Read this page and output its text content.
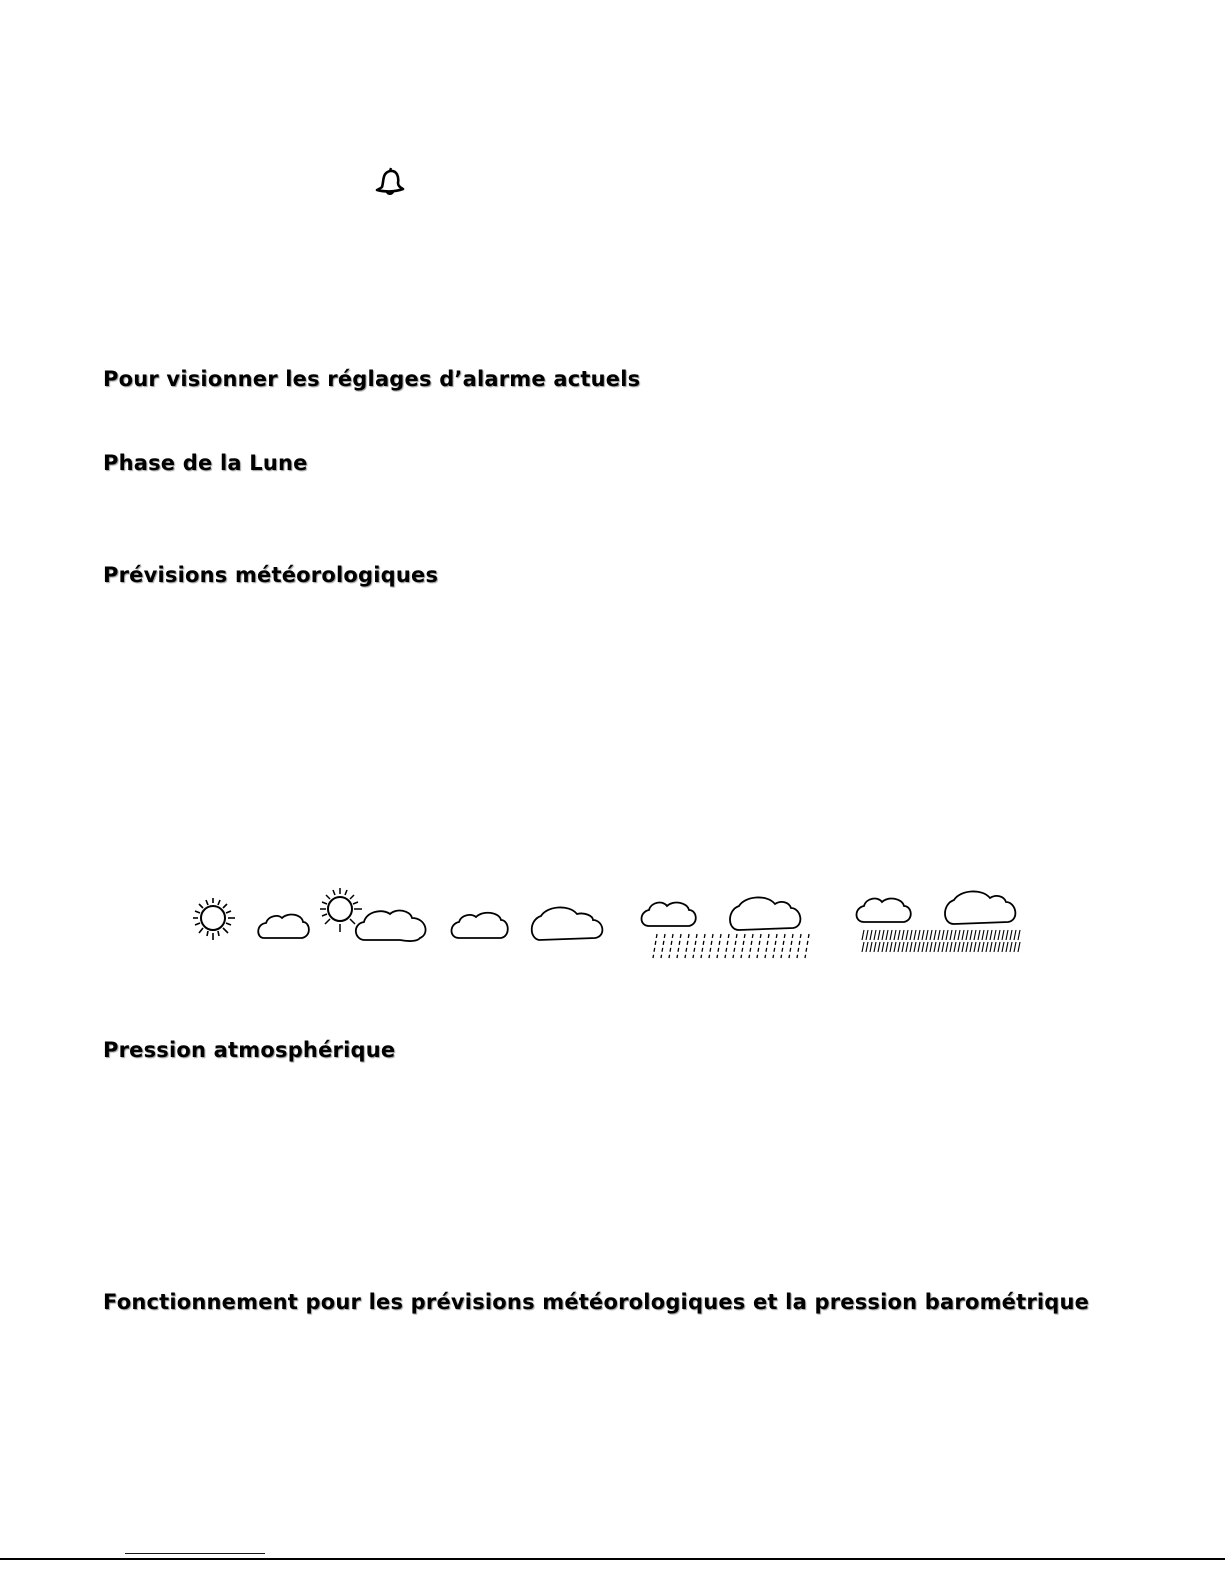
Pour visionner les réglages d’alarme actuels
Phase de la Lune
Prévisions météorologiques
Pression atmosphérique
Fonctionnement pour les prévisions météorologiques et la pression barométrique
